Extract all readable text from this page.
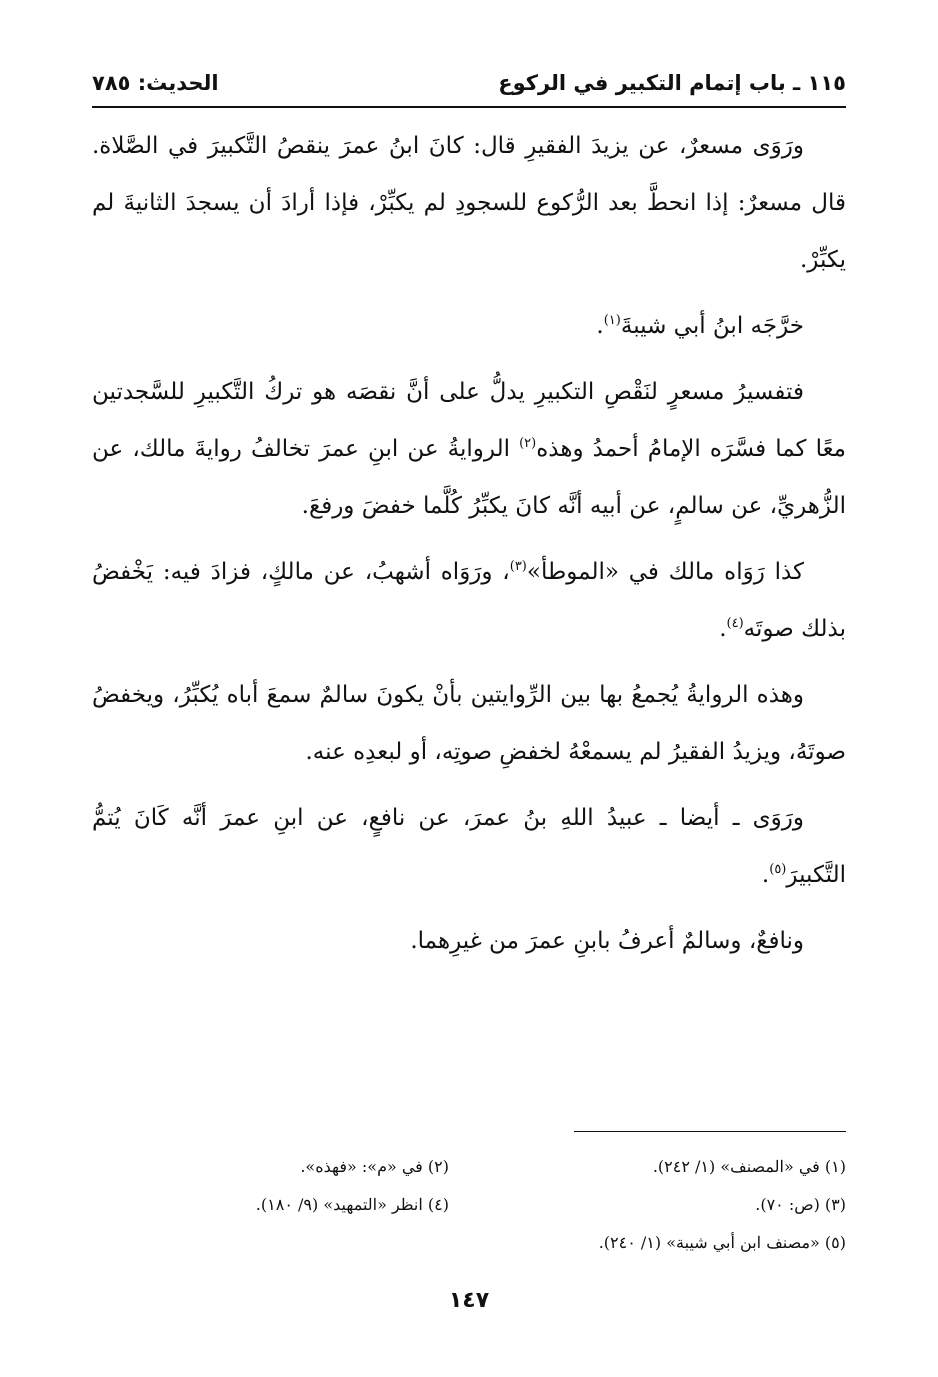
١١٥ ـ باب إتمام التكبير في الركوع
الحديث: ٧٨٥

ورَوَى مسعرٌ، عن يزيدَ الفقيرِ قال: كانَ ابنُ عمرَ ينقصُ التَّكبيرَ في الصَّلاة. قال مسعرٌ: إذا انحطَّ بعد الرُّكوع للسجودِ لم يكبِّرْ، فإذا أرادَ أن يسجدَ الثانيةَ لم يكبِّرْ.

خرَّجَه ابنُ أبي شيبةَ$^{(١)}$.

فتفسيرُ مسعرٍ لنَقْصِ التكبيرِ يدلُّ على أنَّ نقصَه هو تركُ التَّكبيرِ للسَّجدتين معًا كما فسَّرَه الإمامُ أحمدُ وهذه$^{(٢)}$ الروايةُ عن ابنِ عمرَ تخالفُ روايةَ مالك، عن الزُّهريِّ، عن سالمٍ، عن أبيه أنَّه كانَ يكبِّرُ كُلَّما خفضَ ورفعَ.

كذا رَوَاه مالك في «الموطأ»$^{(٣)}$، ورَوَاه أشهبُ، عن مالكٍ، فزادَ فيه: يَخْفضُ بذلك صوتَه$^{(٤)}$.

وهذه الروايةُ يُجمعُ بها بين الرِّوايتين بأنْ يكونَ سالمٌ سمعَ أباه يُكبِّرُ، ويخفضُ صوتَهُ، ويزيدُ الفقيرُ لم يسمعْهُ لخفضِ صوتِه، أو لبعدِه عنه.

ورَوَى ـ أيضا ـ عبيدُ اللهِ بنُ عمرَ، عن نافعٍ، عن ابنِ عمرَ أنَّه كَانَ يُتمُّ التَّكبيرَ$^{(٥)}$.

ونافعٌ، وسالمٌ أعرفُ بابنِ عمرَ من غيرِهما.

(١) في «المصنف» (١/ ٢٤٢).
(٢) في «م»: «فهذه».
(٣) (ص: ٧٠).
(٤) انظر «التمهيد» (٩/ ١٨٠).
(٥) «مصنف ابن أبي شيبة» (١/ ٢٤٠).
١٤٧
